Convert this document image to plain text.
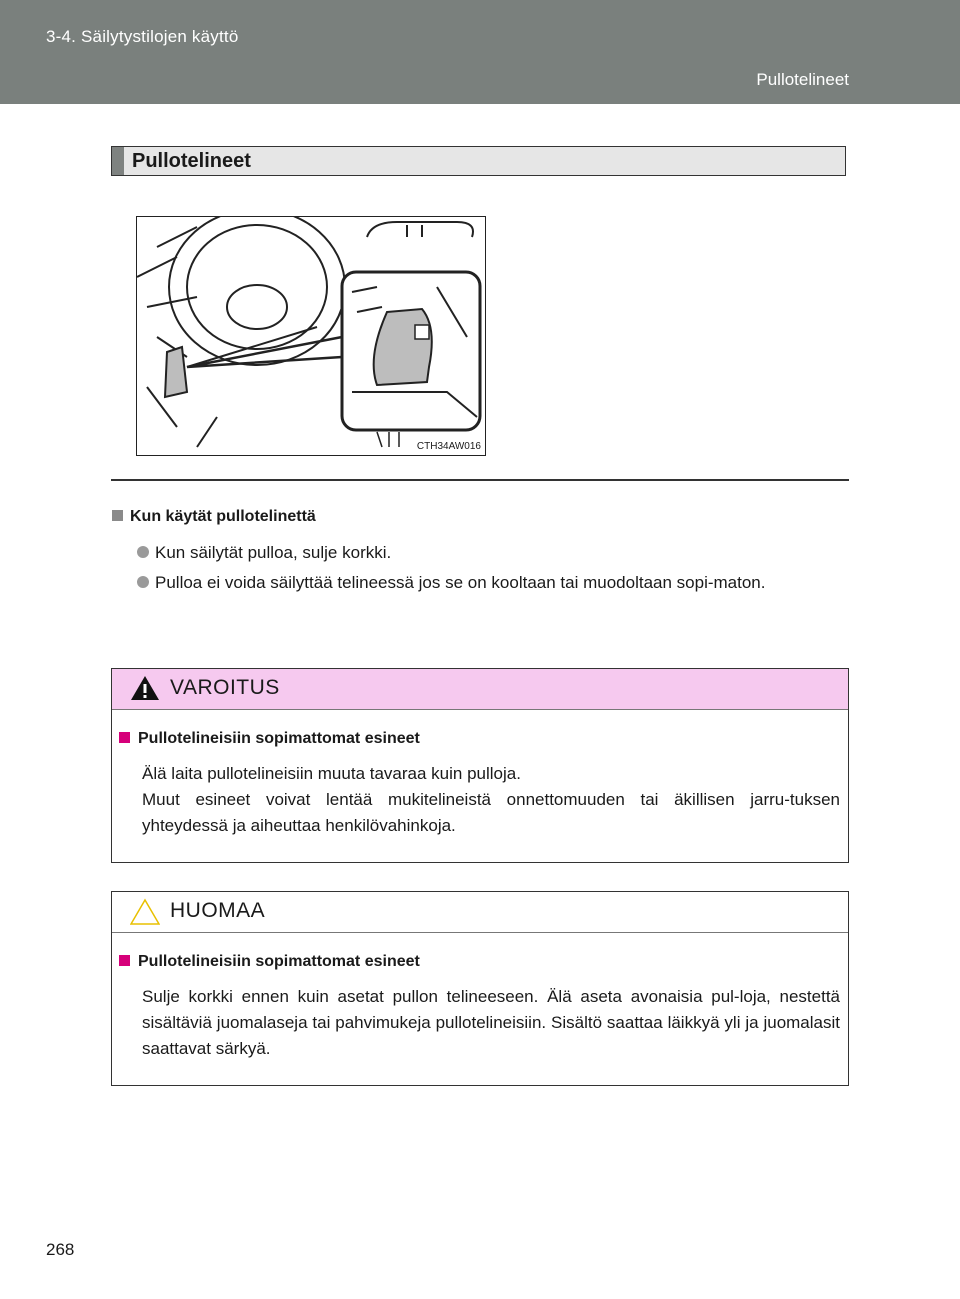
3-4. Säilytystilojen käyttö
Pullotelineet
Pullotelineet
CTH34AW016
Kun käytät pullotelinettä
Kun säilytät pulloa, sulje korkki.
Pulloa ei voida säilyttää telineessä jos se on kooltaan tai muodoltaan sopi-maton.
VAROITUS
Pullotelineisiin sopimattomat esineet
Älä laita pullotelineisiin muuta tavaraa kuin pulloja.
Muut esineet voivat lentää mukitelineistä onnettomuuden tai äkillisen jarru-tuksen yhteydessä ja aiheuttaa henkilövahinkoja.
HUOMAA
Pullotelineisiin sopimattomat esineet
Sulje korkki ennen kuin asetat pullon telineeseen. Älä aseta avonaisia pul-loja, nestettä sisältäviä juomalaseja tai pahvimukeja pullotelineisiin. Sisältö saattaa läikkyä yli ja juomalasit saattavat särkyä.
268
